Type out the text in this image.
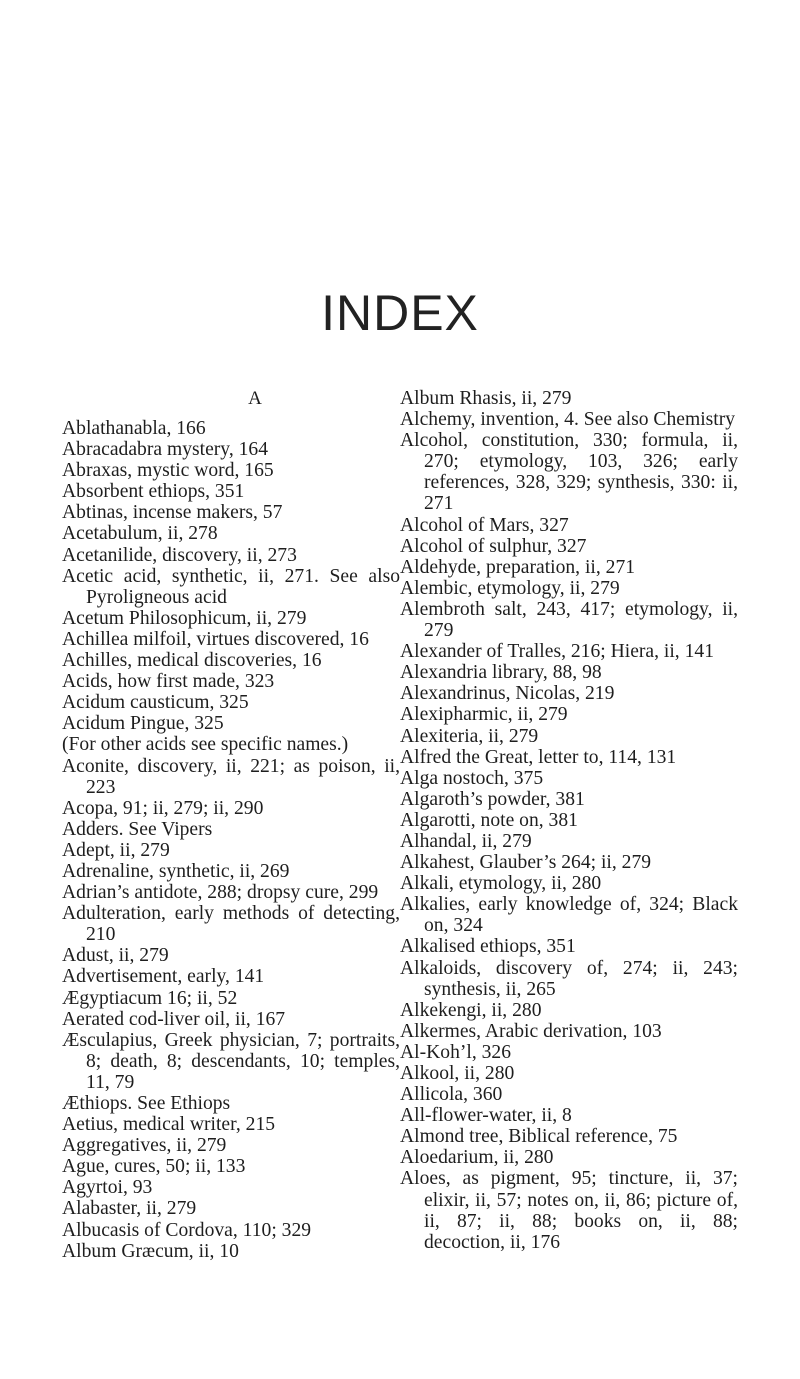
INDEX
A
Ablathanabla, 166
Abracadabra mystery, 164
Abraxas, mystic word, 165
Absorbent ethiops, 351
Abtinas, incense makers, 57
Acetabulum, ii, 278
Acetanilide, discovery, ii, 273
Acetic acid, synthetic, ii, 271. See also Pyroligneous acid
Acetum Philosophicum, ii, 279
Achillea milfoil, virtues discovered, 16
Achilles, medical discoveries, 16
Acids, how first made, 323
Acidum causticum, 325
Acidum Pingue, 325
(For other acids see specific names.)
Aconite, discovery, ii, 221; as poison, ii, 223
Acopa, 91; ii, 279; ii, 290
Adders. See Vipers
Adept, ii, 279
Adrenaline, synthetic, ii, 269
Adrian’s antidote, 288; dropsy cure, 299
Adulteration, early methods of detecting, 210
Adust, ii, 279
Advertisement, early, 141
Ægyptiacum 16; ii, 52
Aerated cod-liver oil, ii, 167
Æsculapius, Greek physician, 7; portraits, 8; death, 8; descendants, 10; temples, 11, 79
Æthiops. See Ethiops
Aetius, medical writer, 215
Aggregatives, ii, 279
Ague, cures, 50; ii, 133
Agyrtoi, 93
Alabaster, ii, 279
Albucasis of Cordova, 110; 329
Album Græcum, ii, 10
Album Rhasis, ii, 279
Alchemy, invention, 4. See also Chemistry
Alcohol, constitution, 330; formula, ii, 270; etymology, 103, 326; early references, 328, 329; synthesis, 330: ii, 271
Alcohol of Mars, 327
Alcohol of sulphur, 327
Aldehyde, preparation, ii, 271
Alembic, etymology, ii, 279
Alembroth salt, 243, 417; etymology, ii, 279
Alexander of Tralles, 216; Hiera, ii, 141
Alexandria library, 88, 98
Alexandrinus, Nicolas, 219
Alexipharmic, ii, 279
Alexiteria, ii, 279
Alfred the Great, letter to, 114, 131
Alga nostoch, 375
Algaroth’s powder, 381
Algarotti, note on, 381
Alhandal, ii, 279
Alkahest, Glauber’s 264; ii, 279
Alkali, etymology, ii, 280
Alkalies, early knowledge of, 324; Black on, 324
Alkalised ethiops, 351
Alkaloids, discovery of, 274; ii, 243; synthesis, ii, 265
Alkekengi, ii, 280
Alkermes, Arabic derivation, 103
Al-Koh’l, 326
Alkool, ii, 280
Allicola, 360
All-flower-water, ii, 8
Almond tree, Biblical reference, 75
Aloedarium, ii, 280
Aloes, as pigment, 95; tincture, ii, 37; elixir, ii, 57; notes on, ii, 86; picture of, ii, 87; ii, 88; books on, ii, 88; decoction, ii, 176
